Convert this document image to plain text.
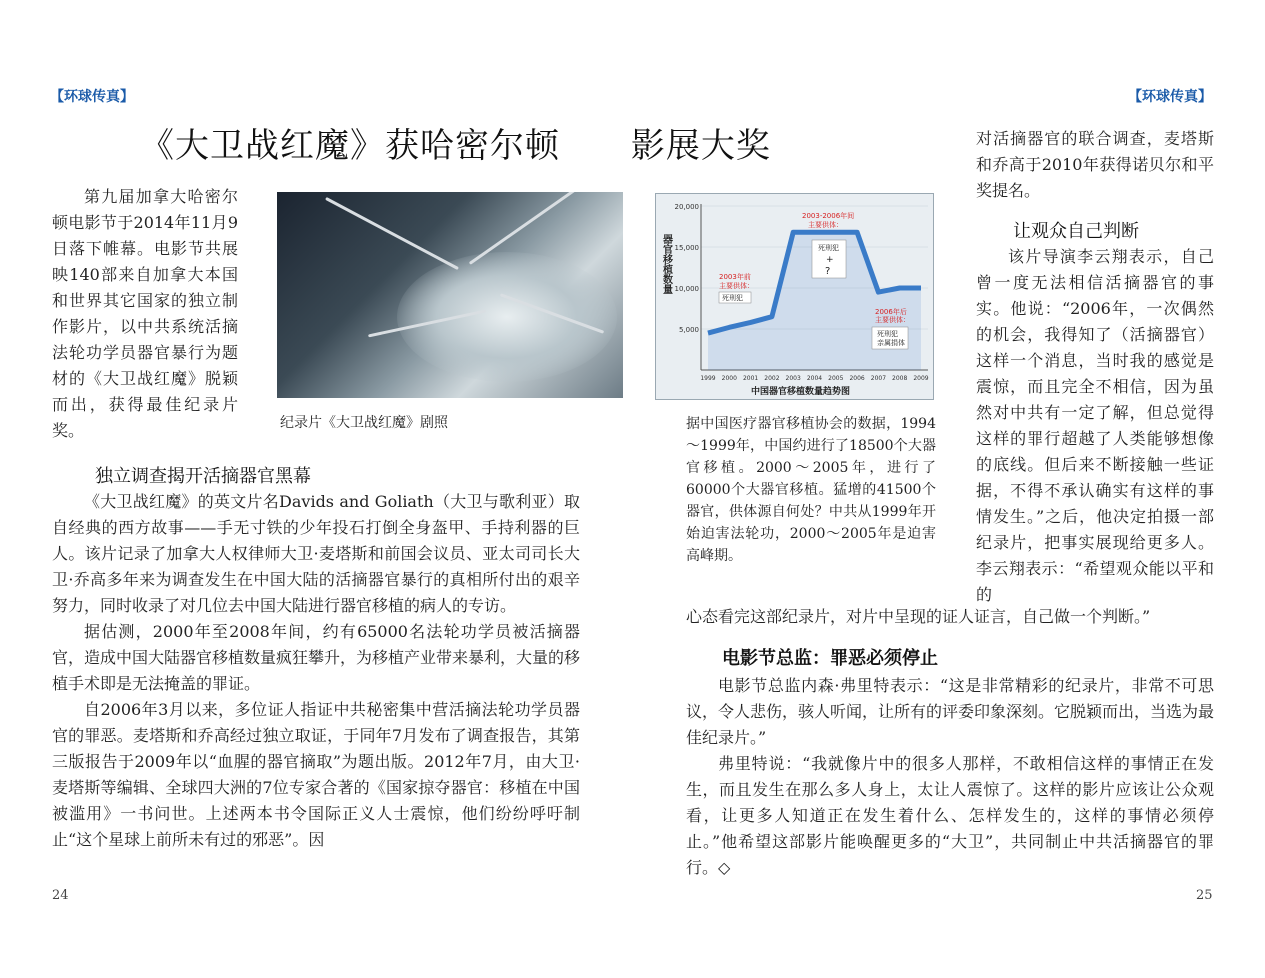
【环球传真】	【环球传真】
《大卫战红魔》获哈密尔顿      影展大奖

第九届加拿大哈密尔顿电影节于2014年11月9日落下帷幕。电影节共展映140部来自加拿大本国和世界其它国家的独立制作影片，以中共系统活摘法轮功学员器官暴行为题材的《大卫战红魔》脱颖而出，获得最佳纪录片奖。	纪录片《大卫战红魔》剧照
独立调查揭开活摘器官黑幕

《大卫战红魔》的英文片名Davids and Goliath（大卫与歌利亚）取自经典的西方故事——手无寸铁的少年投石打倒全身盔甲、手持利器的巨人。该片记录了加拿大人权律师大卫·麦塔斯和前国会议员、亚太司司长大卫·乔高多年来为调查发生在中国大陆的活摘器官暴行的真相所付出的艰辛努力，同时收录了对几位去中国大陆进行器官移植的病人的专访。

据估测，2000年至2008年间，约有65000名法轮功学员被活摘器官，造成中国大陆器官移植数量疯狂攀升，为移植产业带来暴利，大量的移植手术即是无法掩盖的罪证。

自2006年3月以来，多位证人指证中共秘密集中营活摘法轮功学员器官的罪恶。麦塔斯和乔高经过独立取证，于同年7月发布了调查报告，其第三版报告于2009年以“血腥的器官摘取”为题出版。2012年7月，由大卫·麦塔斯等编辑、全球四大洲的7位专家合著的《国家掠夺器官：移植在中国被滥用》一书问世。上述两本书令国际正义人士震惊，他们纷纷呼吁制止“这个星球上前所未有过的邪恶”。因

5,000
10,000
15,000
20,000
1999 2000 2001 2002 2003 2004 2005 2006 2007 2008 2009
器官移植数量	2003年前
主要供体：
死刑犯
2003-2006年间
主要供体：
死刑犯
+
?
2006年后
主要供体：
死刑犯
亲属捐体
中国器官移植数量趋势图
据中国医疗器官移植协会的数据，1994～1999年，中国约进行了18500个大器官移植。2000～2005年，进行了60000个大器官移植。猛增的41500个器官，供体源自何处？中共从1999年开始迫害法轮功，2000～2005年是迫害高峰期。

对活摘器官的联合调查，麦塔斯和乔高于2010年获得诺贝尔和平奖提名。

让观众自己判断

该片导演李云翔表示，自己曾一度无法相信活摘器官的事实。他说：“2006年，一次偶然的机会，我得知了（活摘器官）这样一个消息，当时我的感觉是震惊，而且完全不相信，因为虽然对中共有一定了解，但总觉得这样的罪行超越了人类能够想像的底线。但后来不断接触一些证据，不得不承认确实有这样的事情发生。”之后，他决定拍摄一部纪录片，把事实展现给更多人。李云翔表示：“希望观众能以平和的

心态看完这部纪录片，对片中呈现的证人证言，自己做一个判断。”

电影节总监：罪恶必须停止

电影节总监内森·弗里特表示：“这是非常精彩的纪录片，非常不可思议，令人悲伤，骇人听闻，让所有的评委印象深刻。它脱颖而出，当选为最佳纪录片。”

弗里特说：“我就像片中的很多人那样，不敢相信这样的事情正在发生，而且发生在那么多人身上，太让人震惊了。这样的影片应该让公众观看，让更多人知道正在发生着什么、怎样发生的，这样的事情必须停止。”他希望这部影片能唤醒更多的“大卫”，共同制止中共活摘器官的罪行。◇

24	25
